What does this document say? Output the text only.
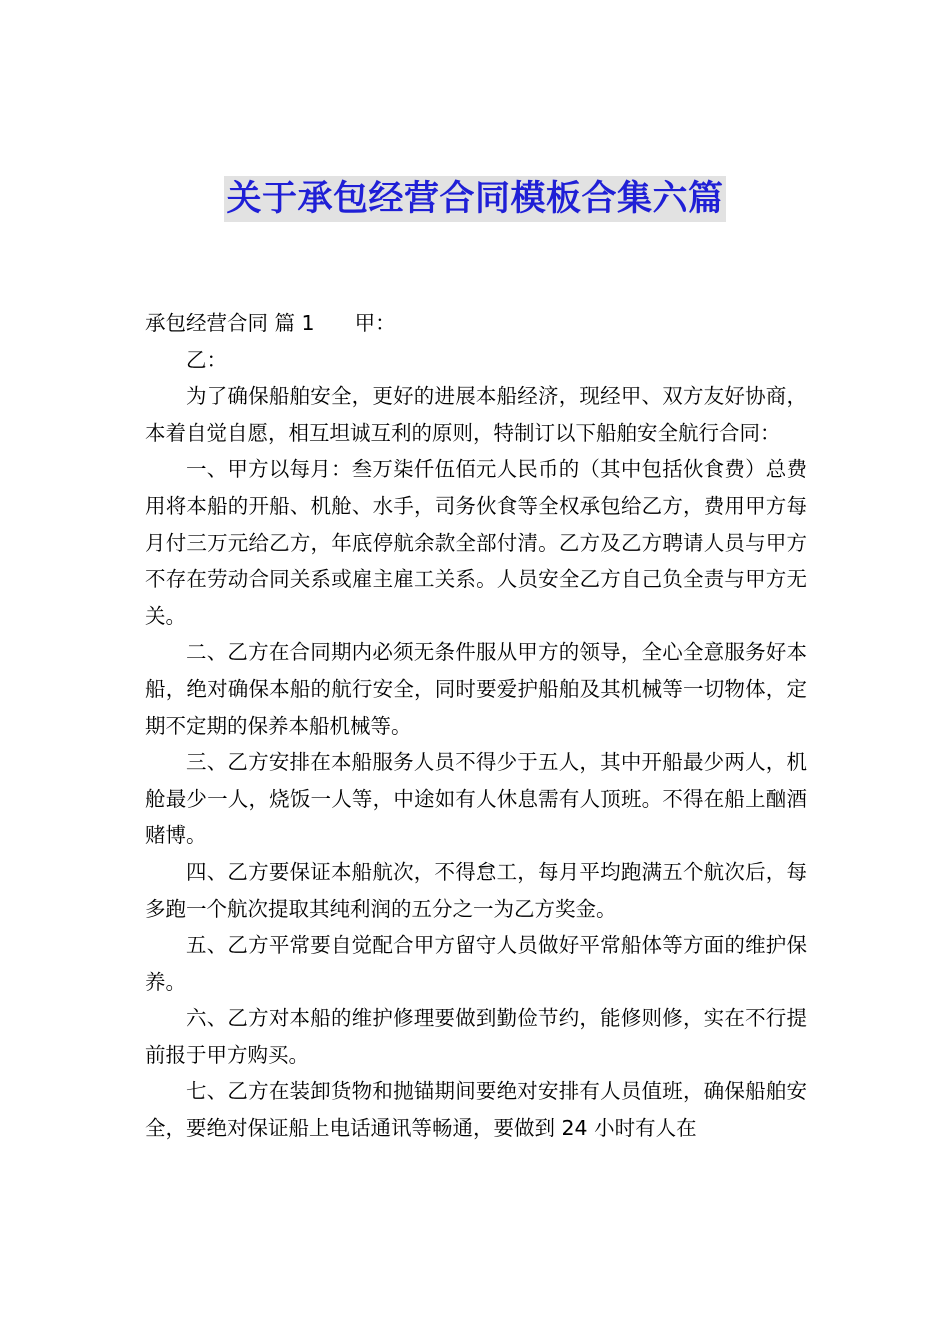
关于承包经营合同模板合集六篇

承包经营合同 篇 1 甲：

乙：

为了确保船舶安全，更好的进展本船经济，现经甲、双方友好协商，本着自觉自愿，相互坦诚互利的原则，特制订以下船舶安全航行合同：

一、甲方以每月：叁万柒仟伍佰元人民币的（其中包括伙食费）总费用将本船的开船、机舱、水手，司务伙食等全权承包给乙方，费用甲方每月付三万元给乙方，年底停航余款全部付清。乙方及乙方聘请人员与甲方不存在劳动合同关系或雇主雇工关系。人员安全乙方自己负全责与甲方无关。

二、乙方在合同期内必须无条件服从甲方的领导，全心全意服务好本船，绝对确保本船的航行安全，同时要爱护船舶及其机械等一切物体，定期不定期的保养本船机械等。

三、乙方安排在本船服务人员不得少于五人，其中开船最少两人，机舱最少一人，烧饭一人等，中途如有人休息需有人顶班。不得在船上酗酒赌博。

四、乙方要保证本船航次，不得怠工，每月平均跑满五个航次后，每多跑一个航次提取其纯利润的五分之一为乙方奖金。

五、乙方平常要自觉配合甲方留守人员做好平常船体等方面的维护保养。

六、乙方对本船的维护修理要做到勤俭节约，能修则修，实在不行提前报于甲方购买。

七、乙方在装卸货物和抛锚期间要绝对安排有人员值班，确保船舶安全，要绝对保证船上电话通讯等畅通，要做到 24 小时有人在
